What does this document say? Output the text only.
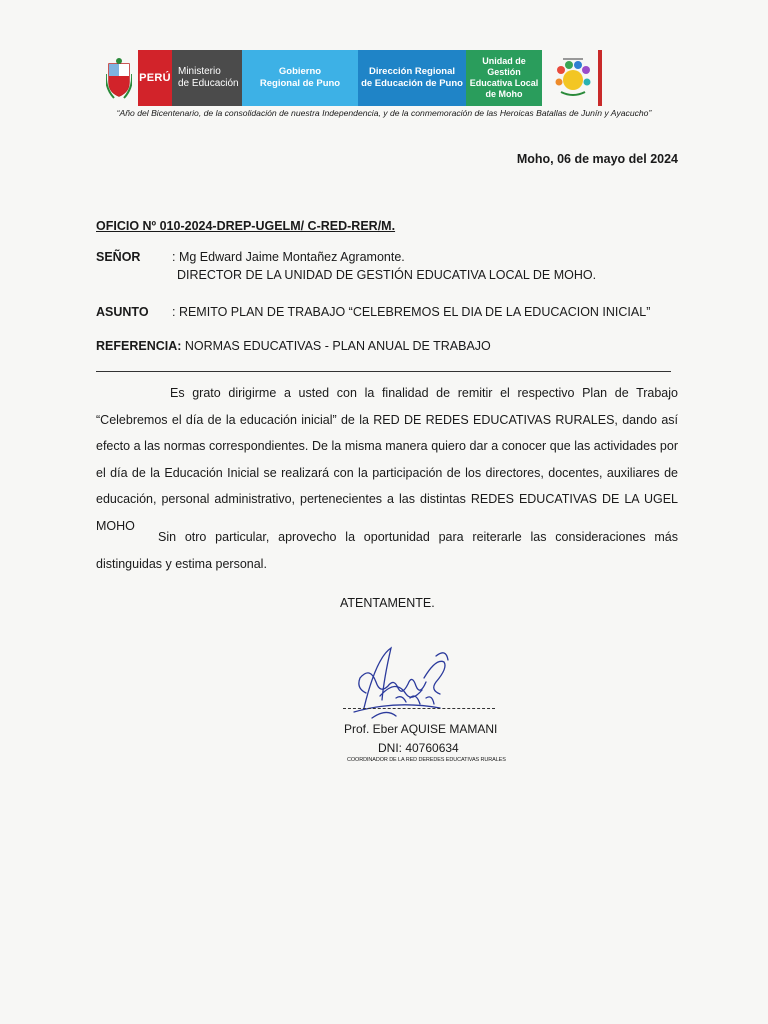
PERÚ
Ministerio
de Educación
Gobierno
Regional de Puno
Dirección Regional
de Educación de Puno
Unidad de
Gestión
Educativa Local
de Moho
“Año del Bicentenario, de la consolidación de nuestra Independencia, y de la conmemoración de las Heroicas Batallas de Junín y Ayacucho”
Moho, 06 de mayo del 2024
OFICIO Nº 010-2024-DREP-UGELM/ C-RED-RER/M.
SEÑOR	: Mg Edward Jaime Montañez Agramonte.
DIRECTOR DE LA UNIDAD DE GESTIÓN EDUCATIVA LOCAL DE MOHO.
ASUNTO : REMITO PLAN DE TRABAJO “CELEBREMOS EL DIA DE LA EDUCACION INICIAL”
REFERENCIA: NORMAS EDUCATIVAS - PLAN ANUAL DE TRABAJO

Es grato dirigirme a usted con la finalidad de remitir el respectivo Plan de Trabajo “Celebremos el día de la educación inicial” de la RED DE REDES EDUCATIVAS RURALES, dando así efecto a las normas correspondientes. De la misma manera quiero dar a conocer que las actividades por el día de la Educación Inicial se realizará con la participación de los directores, docentes, auxiliares de educación, personal administrativo, pertenecientes a las distintas REDES EDUCATIVAS DE LA UGEL MOHO

Sin otro particular, aprovecho la oportunidad para reiterarle las consideraciones más distinguidas y estima personal.

ATENTAMENTE.
Prof. Eber AQUISE MAMANI
DNI: 40760634
COORDINADOR DE LA RED DEREDES EDUCATIVAS RURALES
